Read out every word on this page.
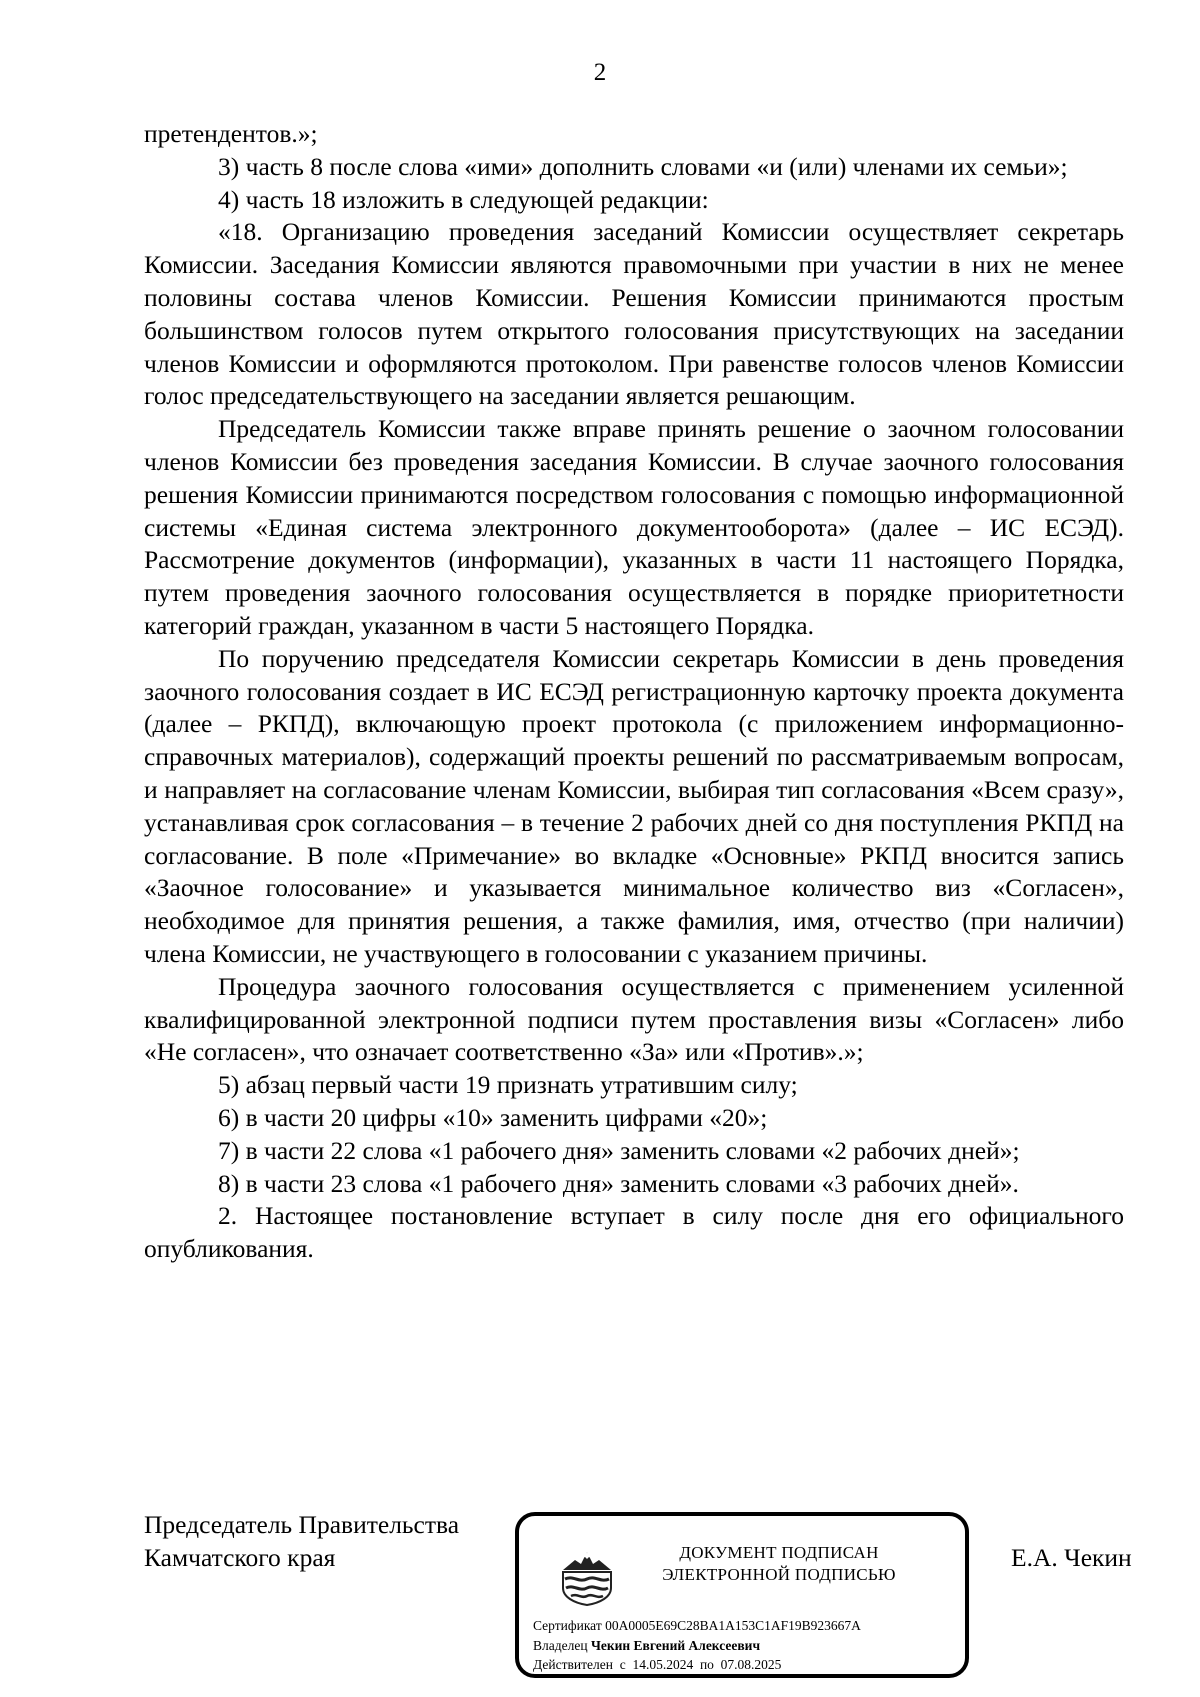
2

претендентов.»;

3) часть 8 после слова «ими» дополнить словами «и (или) членами их семьи»;

4) часть 18 изложить в следующей редакции:

«18. Организацию проведения заседаний Комиссии осуществляет секретарь Комиссии. Заседания Комиссии являются правомочными при участии в них не менее половины состава членов Комиссии. Решения Комиссии принимаются простым большинством голосов путем открытого голосования присутствующих на заседании членов Комиссии и оформляются протоколом. При равенстве голосов членов Комиссии голос председательствующего на заседании является решающим.

Председатель Комиссии также вправе принять решение о заочном голосовании членов Комиссии без проведения заседания Комиссии. В случае заочного голосования решения Комиссии принимаются посредством голосования с помощью информационной системы «Единая система электронного документооборота» (далее – ИС ЕСЭД). Рассмотрение документов (информации), указанных в части 11 настоящего Порядка, путем проведения заочного голосования осуществляется в порядке приоритетности категорий граждан, указанном в части 5 настоящего Порядка.

По поручению председателя Комиссии секретарь Комиссии в день проведения заочного голосования создает в ИС ЕСЭД регистрационную карточку проекта документа (далее – РКПД), включающую проект протокола (с приложением информационно-справочных материалов), содержащий проекты решений по рассматриваемым вопросам, и направляет на согласование членам Комиссии, выбирая тип согласования «Всем сразу», устанавливая срок согласования – в течение 2 рабочих дней со дня поступления РКПД на согласование. В поле «Примечание» во вкладке «Основные» РКПД вносится запись «Заочное голосование» и указывается минимальное количество виз «Согласен», необходимое для принятия решения, а также фамилия, имя, отчество (при наличии) члена Комиссии, не участвующего в голосовании с указанием причины.

Процедура заочного голосования осуществляется с применением усиленной квалифицированной электронной подписи путем проставления визы «Согласен» либо «Не согласен», что означает соответственно «За» или «Против».»;

5) абзац первый части 19 признать утратившим силу;

6) в части 20 цифры «10» заменить цифрами «20»;

7) в части 22 слова «1 рабочего дня» заменить словами «2 рабочих дней»;

8) в части 23 слова «1 рабочего дня» заменить словами «3 рабочих дней».

2. Настоящее постановление вступает в силу после дня его официального опубликования.

Председатель Правительства
Камчатского края	ДОКУМЕНТ ПОДПИСАН
ЭЛЕКТРОННОЙ ПОДПИСЬЮ
Сертификат 00A0005E69C28BA1A153C1AF19B923667A
Владелец Чекин Евгений Алексеевич
Действителен с 14.05.2024 по 07.08.2025
Е.А. Чекин
